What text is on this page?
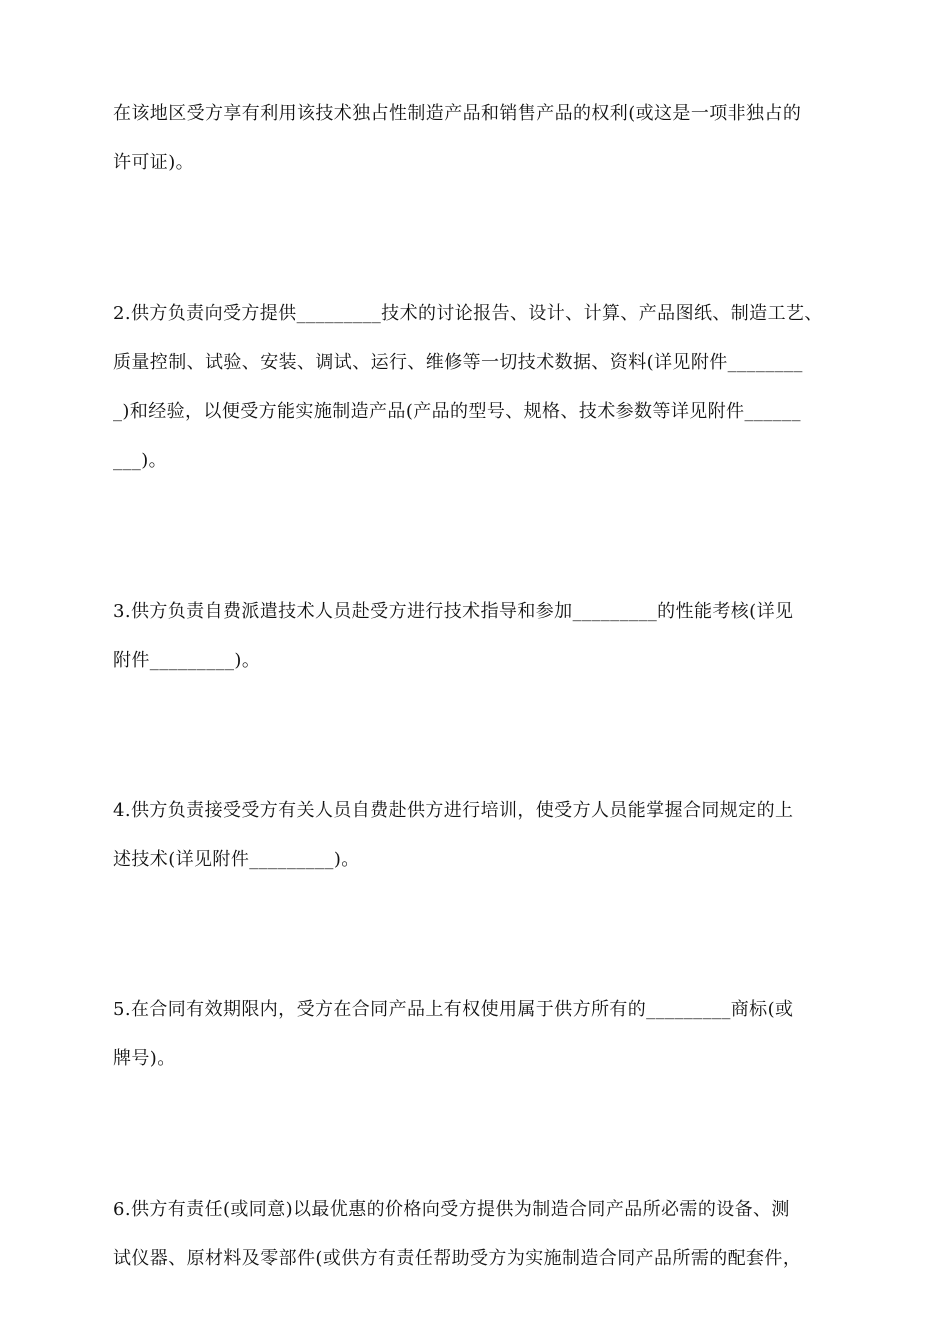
在该地区受方享有利用该技术独占性制造产品和销售产品的权利(或这是一项非独占的
许可证)。
2.供方负责向受方提供_________技术的讨论报告、设计、计算、产品图纸、制造工艺、
质量控制、试验、安装、调试、运行、维修等一切技术数据、资料(详见附件________
_)和经验，以便受方能实施制造产品(产品的型号、规格、技术参数等详见附件______
___)。
3.供方负责自费派遣技术人员赴受方进行技术指导和参加_________的性能考核(详见
附件_________)。
4.供方负责接受受方有关人员自费赴供方进行培训，使受方人员能掌握合同规定的上
述技术(详见附件_________)。
5.在合同有效期限内，受方在合同产品上有权使用属于供方所有的_________商标(或
牌号)。
6.供方有责任(或同意)以最优惠的价格向受方提供为制造合同产品所必需的设备、测
试仪器、原材料及零部件(或供方有责任帮助受方为实施制造合同产品所需的配套件，
